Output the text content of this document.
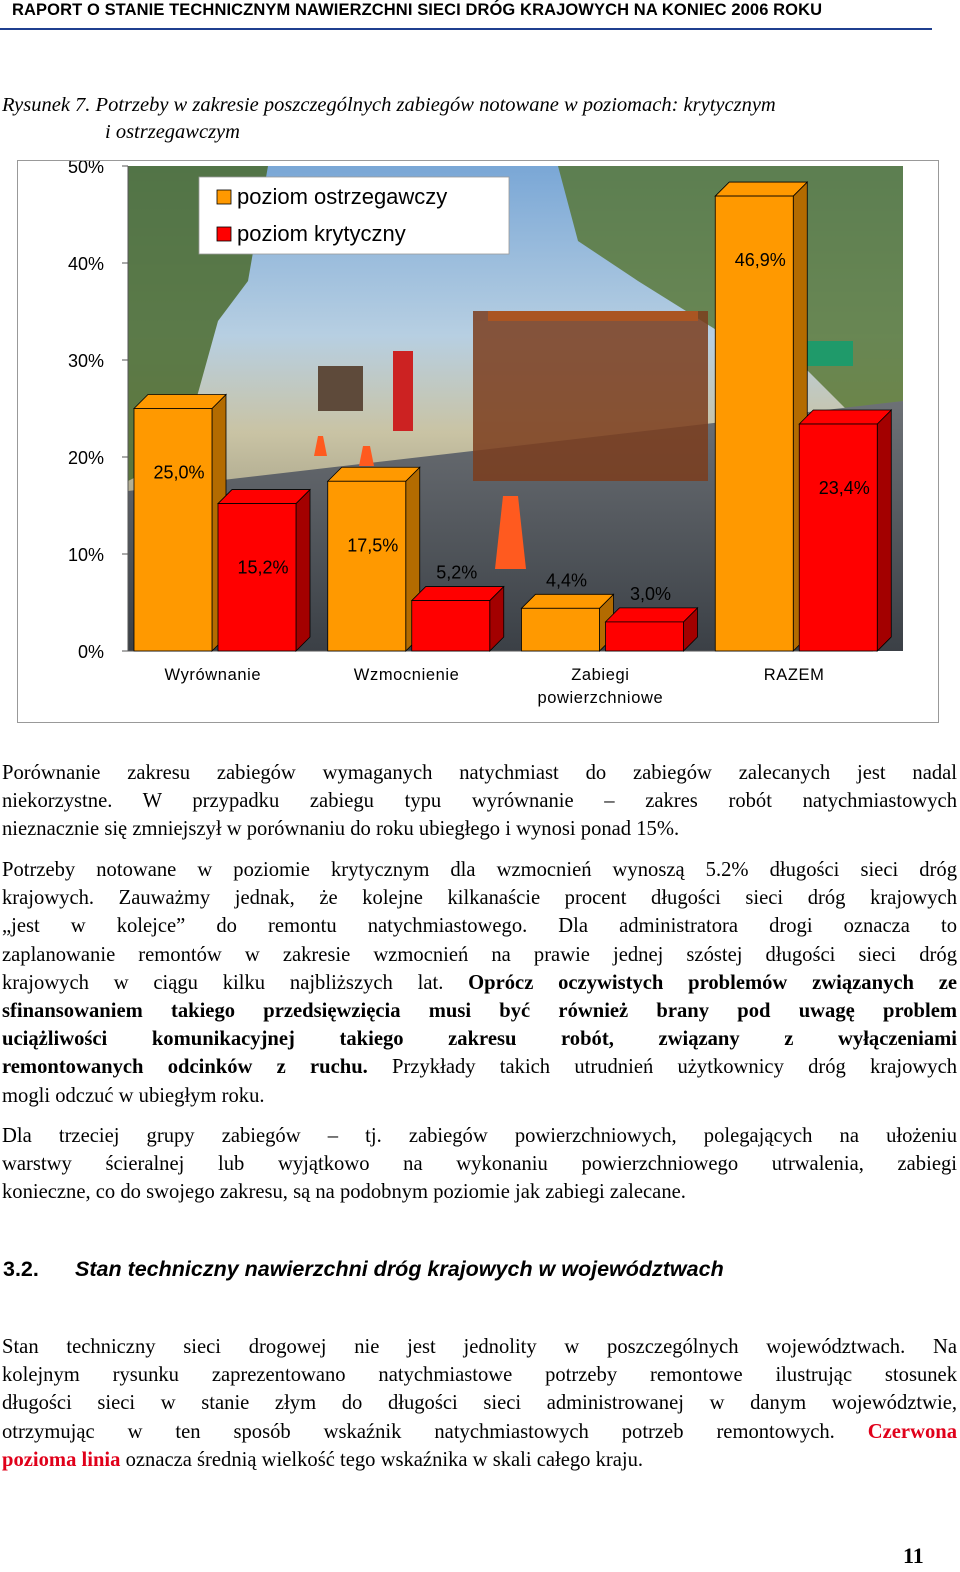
RAPORT O STANIE TECHNICZNYM NAWIERZCHNI SIECI DRÓG KRAJOWYCH NA KONIEC 2006 ROKU
Rysunek 7. Potrzeby w zakresie poszczególnych zabiegów notowane w poziomach: krytycznym
i ostrzegawczym
0%
10%
20%
30%
40%
50%
25,0%
15,2%
Wyrównanie
17,5%
5,2%
Wzmocnienie
4,4%
3,0%
Zabiegi
powierzchniowe
46,9%
23,4%
RAZEM
poziom ostrzegawczy
poziom krytyczny

Porównanie zakresu zabiegów wymaganych natychmiast do zabiegów zalecanych jest nadal
niekorzystne. W przypadku zabiegu typu wyrównanie – zakres robót natychmiastowych
nieznacznie się zmniejszył w porównaniu do roku ubiegłego i wynosi ponad 15%.

Potrzeby notowane w poziomie krytycznym dla wzmocnień wynoszą 5.2% długości sieci dróg
krajowych. Zauważmy jednak, że kolejne kilkanaście procent długości sieci dróg krajowych
„jest w kolejce” do remontu natychmiastowego. Dla administratora drogi oznacza to
zaplanowanie remontów w zakresie wzmocnień na prawie jednej szóstej długości sieci dróg
krajowych w ciągu kilku najbliższych lat. Oprócz oczywistych problemów związanych ze
sfinansowaniem takiego przedsięwzięcia musi być również brany pod uwagę problem
uciążliwości komunikacyjnej takiego zakresu robót, związany z wyłączeniami
remontowanych odcinków z ruchu. Przykłady takich utrudnień użytkownicy dróg krajowych
mogli odczuć w ubiegłym roku.

Dla trzeciej grupy zabiegów – tj. zabiegów powierzchniowych, polegających na ułożeniu
warstwy ścieralnej lub wyjątkowo na wykonaniu powierzchniowego utrwalenia, zabiegi
konieczne, co do swojego zakresu, są na podobnym poziomie jak zabiegi zalecane.

3.2. Stan techniczny nawierzchni dróg krajowych w województwach

Stan techniczny sieci drogowej nie jest jednolity w poszczególnych województwach. Na
kolejnym rysunku zaprezentowano natychmiastowe potrzeby remontowe ilustrując stosunek
długości sieci w stanie złym do długości sieci administrowanej w danym województwie,
otrzymując w ten sposób wskaźnik natychmiastowych potrzeb remontowych. Czerwona
pozioma linia oznacza średnią wielkość tego wskaźnika w skali całego kraju.

11
